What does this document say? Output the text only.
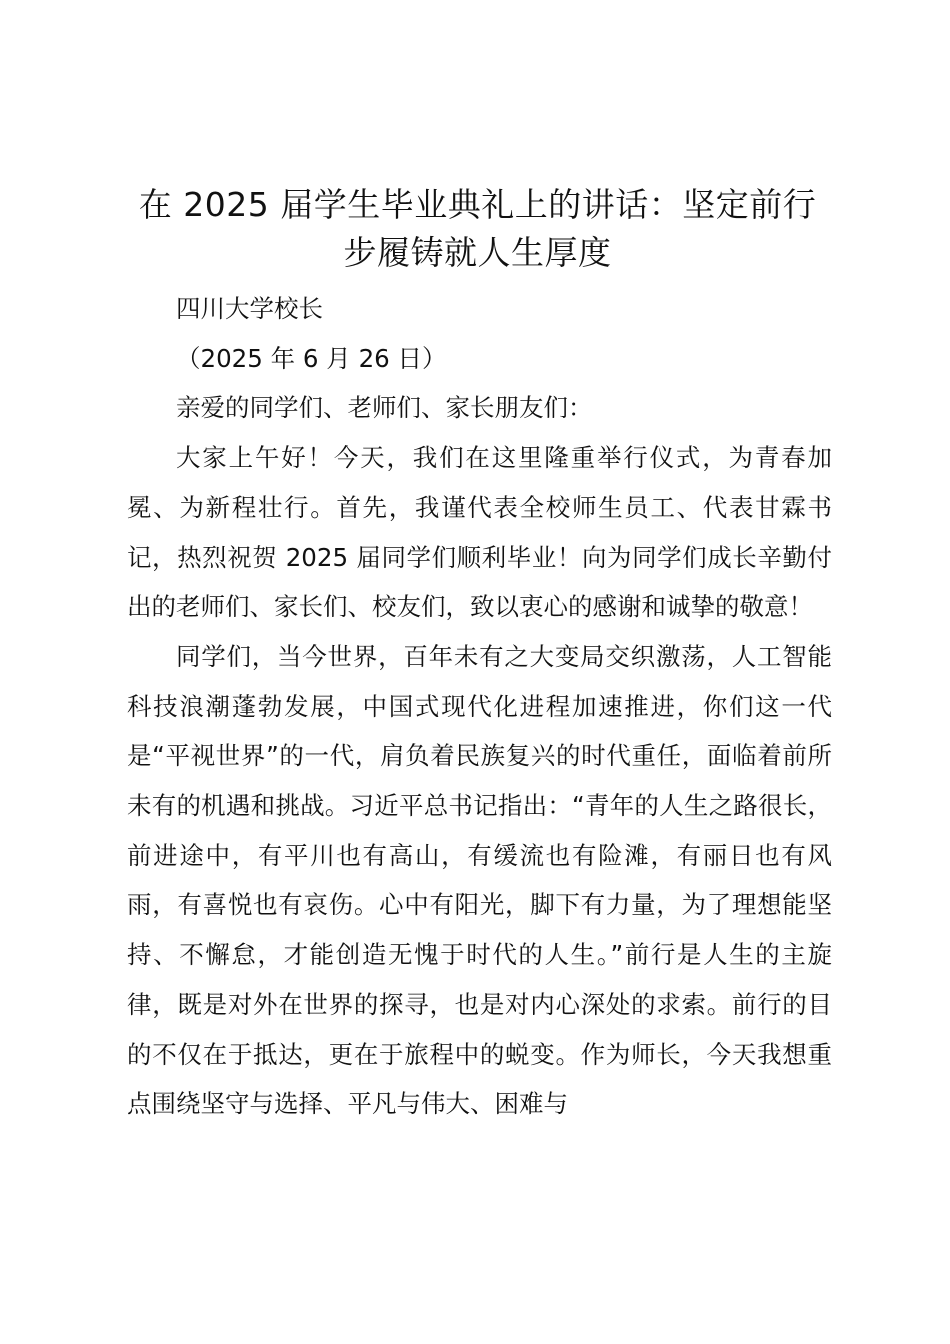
在 2025 届学生毕业典礼上的讲话：坚定前行
步履铸就人生厚度

四川大学校长

（2025 年 6 月 26 日）

亲爱的同学们、老师们、家长朋友们：

大家上午好！今天，我们在这里隆重举行仪式，为青春加冕、为新程壮行。首先，我谨代表全校师生员工、代表甘霖书记，热烈祝贺 2025 届同学们顺利毕业！向为同学们成长辛勤付出的老师们、家长们、校友们，致以衷心的感谢和诚挚的敬意！

同学们，当今世界，百年未有之大变局交织激荡，人工智能科技浪潮蓬勃发展，中国式现代化进程加速推进，你们这一代是“平视世界”的一代，肩负着民族复兴的时代重任，面临着前所未有的机遇和挑战。习近平总书记指出：“青年的人生之路很长，前进途中，有平川也有高山，有缓流也有险滩，有丽日也有风雨，有喜悦也有哀伤。心中有阳光，脚下有力量，为了理想能坚持、不懈怠，才能创造无愧于时代的人生。”前行是人生的主旋律，既是对外在世界的探寻，也是对内心深处的求索。前行的目的不仅在于抵达，更在于旅程中的蜕变。作为师长，今天我想重点围绕坚守与选择、平凡与伟大、困难与
